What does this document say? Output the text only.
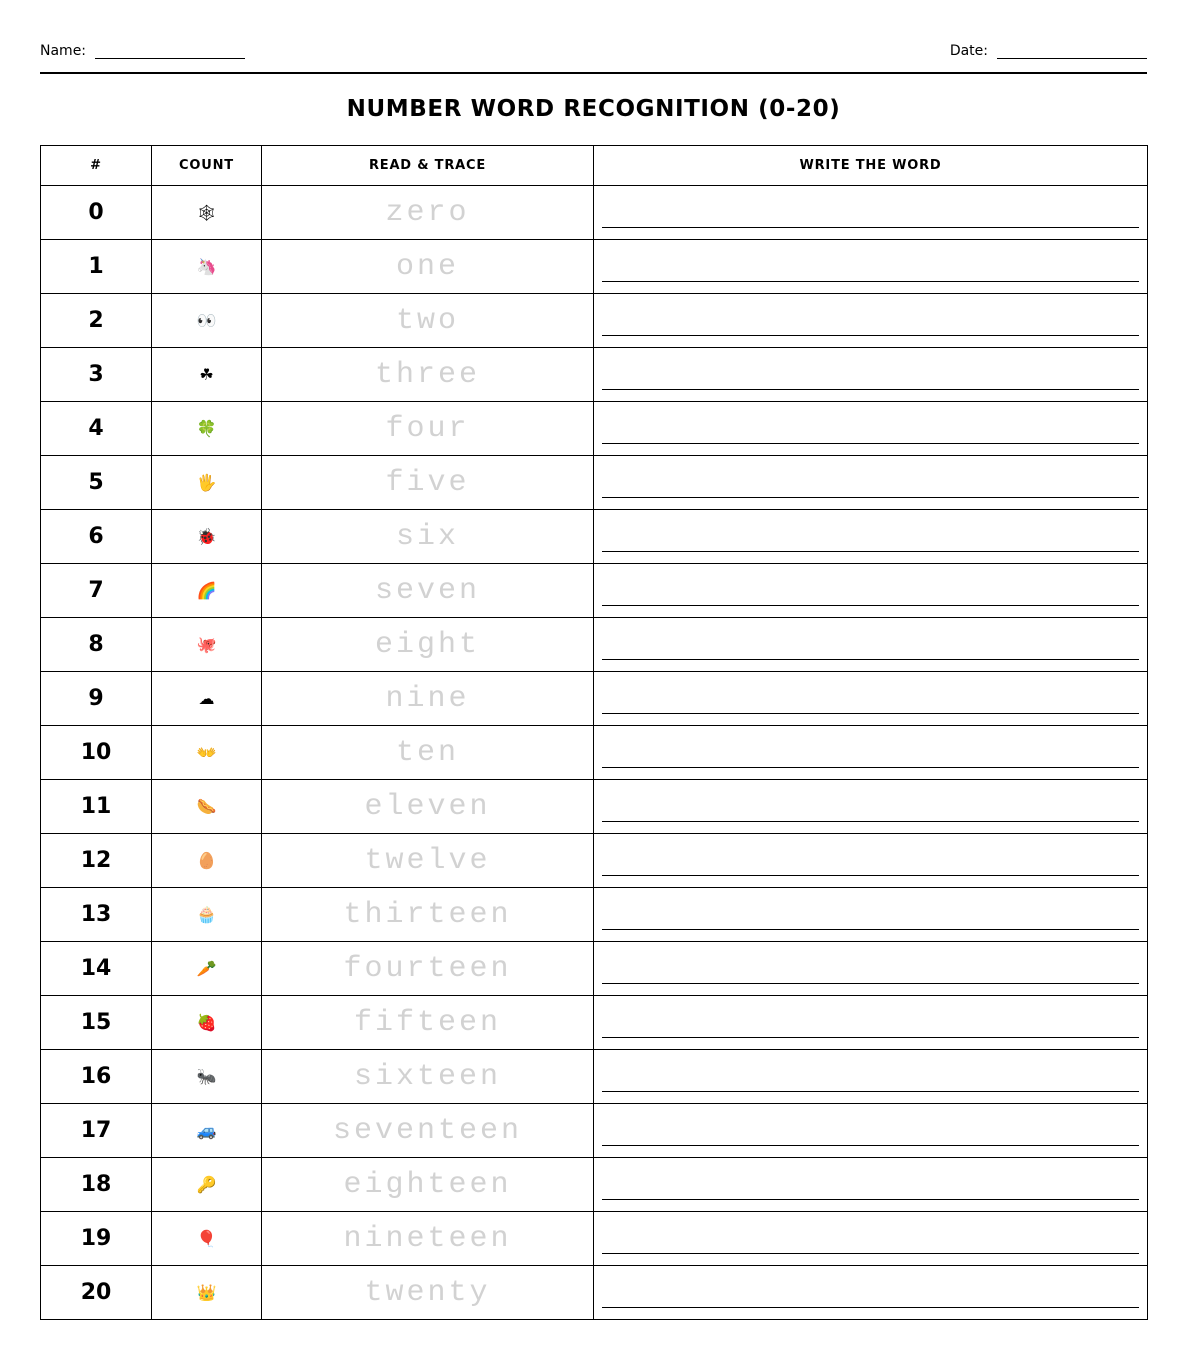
Name:	Date:
NUMBER WORD RECOGNITION (0-20)
#	COUNT	READ & TRACE	WRITE THE WORD
0	🕸	zero	

1	🦄	one	

2	👀	two	

3	☘	three	

4	🍀	four	

5	🖐	five	

6	🐞	six	

7	🌈	seven	

8	🐙	eight	

9	☁	nine	

10	👐	ten	

11	🌭	eleven	

12	🥚	twelve	

13	🧁	thirteen	

14	🥕	fourteen	

15	🍓	fifteen	

16	🐜	sixteen	

17	🚙	seventeen	

18	🔑	eighteen	

19	🎈	nineteen	

20	👑	twenty	
